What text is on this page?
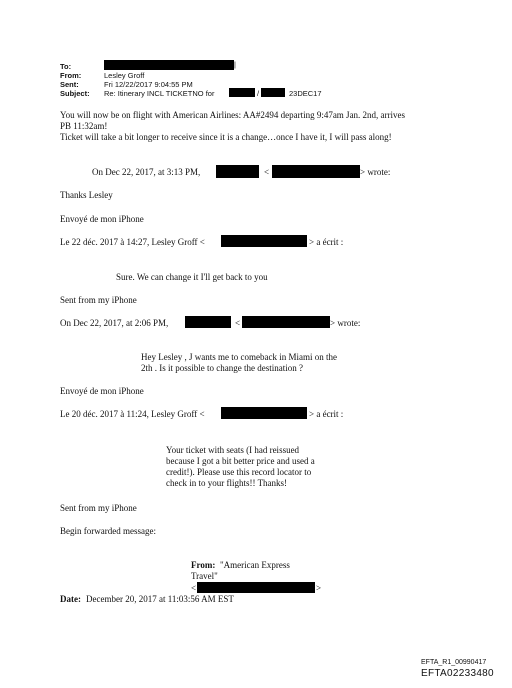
To:	|
From:	Lesley Groff
Sent:	Fri 12/22/2017 9:04:55 PM
Subject: Re: Itinerary INCL TICKETNO for	/	23DEC17
You will now be on flight with American Airlines: AA#2494 departing 9:47am Jan. 2nd, arrives
PB 11:32am!
Ticket will take a bit longer to receive since it is a change…once I have it, I will pass along!
On Dec 22, 2017, at 3:13 PM,	<	> wrote:
Thanks Lesley
Envoyé de mon iPhone
Le 22 déc. 2017 à 14:27, Lesley Groff <	> a écrit :
Sure. We can change it I'll get back to you
Sent from my iPhone
On Dec 22, 2017, at 2:06 PM,	<	> wrote:
Hey Lesley , J wants me to comeback in Miami on the
2th . Is it possible to change the destination ?
Envoyé de mon iPhone
Le 20 déc. 2017 à 11:24, Lesley Groff <	> a écrit :
Your ticket with seats (I had reissued
because I got a bit better price and used a
credit!). Please use this record locator to
check in to your flights!! Thanks!
Sent from my iPhone
Begin forwarded message:
From: "American Express
Travel"
<	>
Date: December 20, 2017 at 11:03:56 AM EST
EFTA_R1_00990417
EFTA02233480
